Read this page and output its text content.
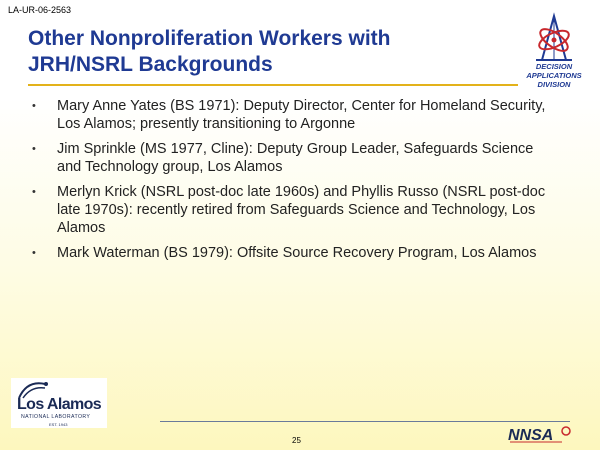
LA-UR-06-2563
Other Nonproliferation Workers with
JRH/NSRL Backgrounds	DECISION
APPLICATIONS
DIVISION
• Mary Anne Yates (BS 1971): Deputy Director, Center for Homeland Security, Los Alamos; presently transitioning to Argonne
• Jim Sprinkle (MS 1977, Cline): Deputy Group Leader, Safeguards Science and Technology group, Los Alamos
• Merlyn Krick (NSRL post-doc late 1960s) and Phyllis Russo (NSRL post-doc late 1970s): recently retired from Safeguards Science and Technology, Los Alamos
• Mark Waterman (BS 1979): Offsite Source Recovery Program, Los Alamos
Los Alamos
NATIONAL LABORATORY
EST. 1943
25	NNSA
